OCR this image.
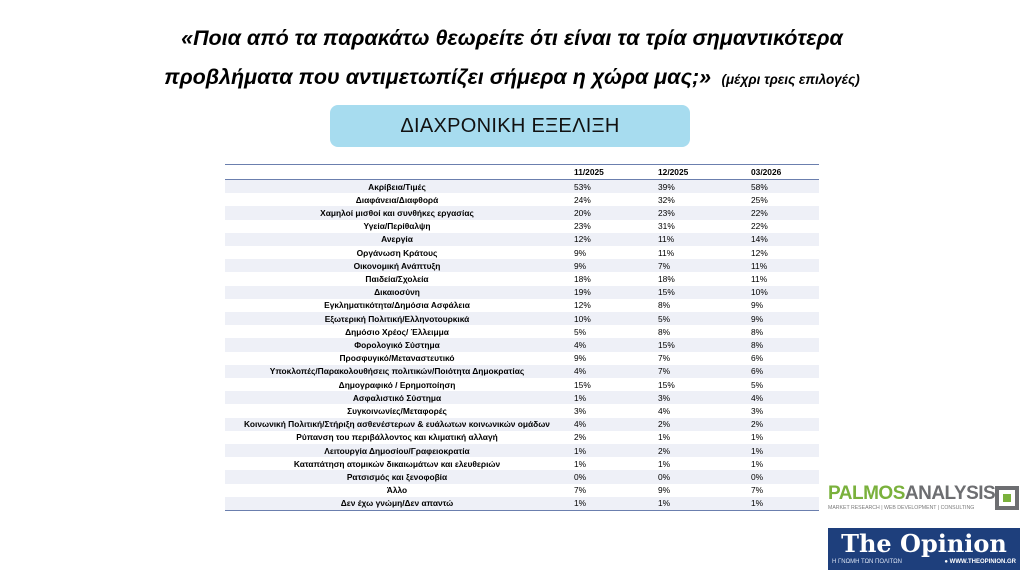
«Ποια από τα παρακάτω θεωρείτε ότι είναι τα τρία σημαντικότερα
προβλήματα που αντιμετωπίζει σήμερα η χώρα μας;» (μέχρι τρεις επιλογές)
ΔΙΑΧΡΟΝΙΚΗ ΕΞΕΛΙΞΗ
	11/2025	12/2025	03/2026
Ακρίβεια/Τιμές	53%	39%	58%
Διαφάνεια/Διαφθορά	24%	32%	25%
Χαμηλοί μισθοί και συνθήκες εργασίας	20%	23%	22%
Υγεία/Περίθαλψη	23%	31%	22%
Ανεργία	12%	11%	14%
Οργάνωση Κράτους	9%	11%	12%
Οικονομική Ανάπτυξη	9%	7%	11%
Παιδεία/Σχολεία	18%	18%	11%
Δικαιοσύνη	19%	15%	10%
Εγκληματικότητα/Δημόσια Ασφάλεια	12%	8%	9%
Εξωτερική Πολιτική/Ελληνοτουρκικά	10%	5%	9%
Δημόσιο Χρέος/ Έλλειμμα	5%	8%	8%
Φορολογικό Σύστημα	4%	15%	8%
Προσφυγικό/Μεταναστευτικό	9%	7%	6%
Υποκλοπές/Παρακολουθήσεις πολιτικών/Ποιότητα Δημοκρατίας	4%	7%	6%
Δημογραφικό / Ερημοποίηση	15%	15%	5%
Ασφαλιστικό Σύστημα	1%	3%	4%
Συγκοινωνίες/Μεταφορές	3%	4%	3%
Κοινωνική Πολιτική/Στήριξη ασθενέστερων & ευάλωτων κοινωνικών ομάδων	4%	2%	2%
Ρύπανση του περιβάλλοντος και κλιματική αλλαγή	2%	1%	1%
Λειτουργία Δημοσίου/Γραφειοκρατία	1%	2%	1%
Καταπάτηση ατομικών δικαιωμάτων και ελευθεριών	1%	1%	1%
Ρατσισμός και ξενοφοβία	0%	0%	0%
Άλλο	7%	9%	7%
Δεν έχω γνώμη/Δεν απαντώ	1%	1%	1%	PALMOSANALYSIS
MARKET RESEARCH | WEB DEVELOPMENT | CONSULTING
The Opinion
Η ΓΝΩΜΗ ΤΩΝ ΠΟΛΙΤΩΝ	● WWW.THEOPINION.GR
